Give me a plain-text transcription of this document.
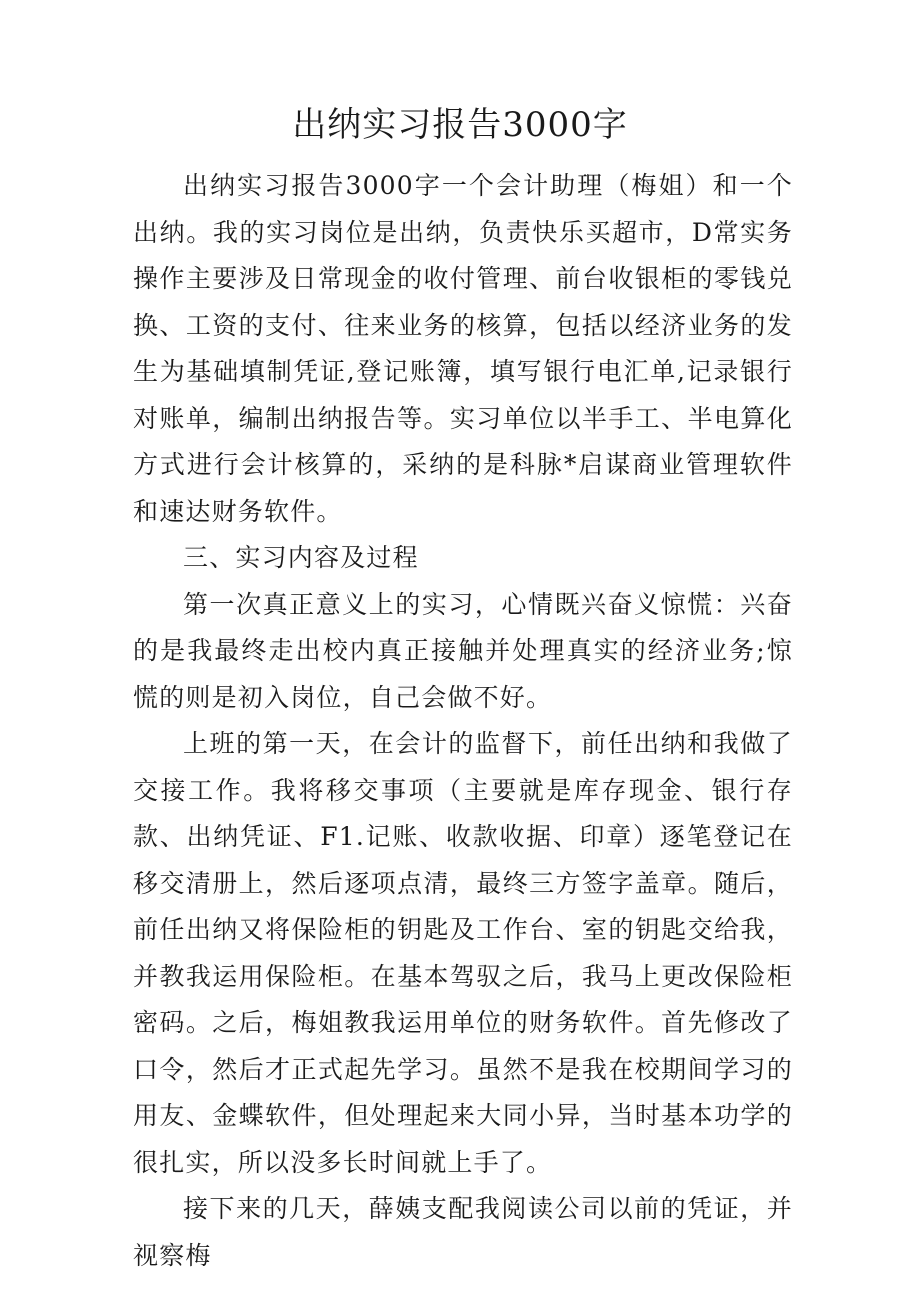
出纳实习报告3000字

出纳实习报告3000字一个会计助理（梅姐）和一个出纳。我的实习岗位是出纳，负责快乐买超市，D常实务操作主要涉及日常现金的收付管理、前台收银柜的零钱兑换、工资的支付、往来业务的核算，包括以经济业务的发生为基础填制凭证,登记账簿，填写银行电汇单,记录银行对账单，编制出纳报告等。实习单位以半手工、半电算化方式进行会计核算的，采纳的是科脉*启谋商业管理软件和速达财务软件。

三、实习内容及过程

第一次真正意义上的实习，心情既兴奋义惊慌：兴奋的是我最终走出校内真正接触并处理真实的经济业务;惊慌的则是初入岗位，自己会做不好。

上班的第一天，在会计的监督下，前任出纳和我做了交接工作。我将移交事项（主要就是库存现金、银行存款、出纳凭证、F1.记账、收款收据、印章）逐笔登记在移交清册上，然后逐项点清，最终三方签字盖章。随后，前任出纳又将保险柜的钥匙及工作台、室的钥匙交给我，并教我运用保险柜。在基本驾驭之后，我马上更改保险柜密码。之后，梅姐教我运用单位的财务软件。首先修改了口令，然后才正式起先学习。虽然不是我在校期间学习的用友、金蝶软件，但处理起来大同小异，当时基本功学的很扎实，所以没多长时间就上手了。

接下来的几天，薛姨支配我阅读公司以前的凭证，并视察梅
